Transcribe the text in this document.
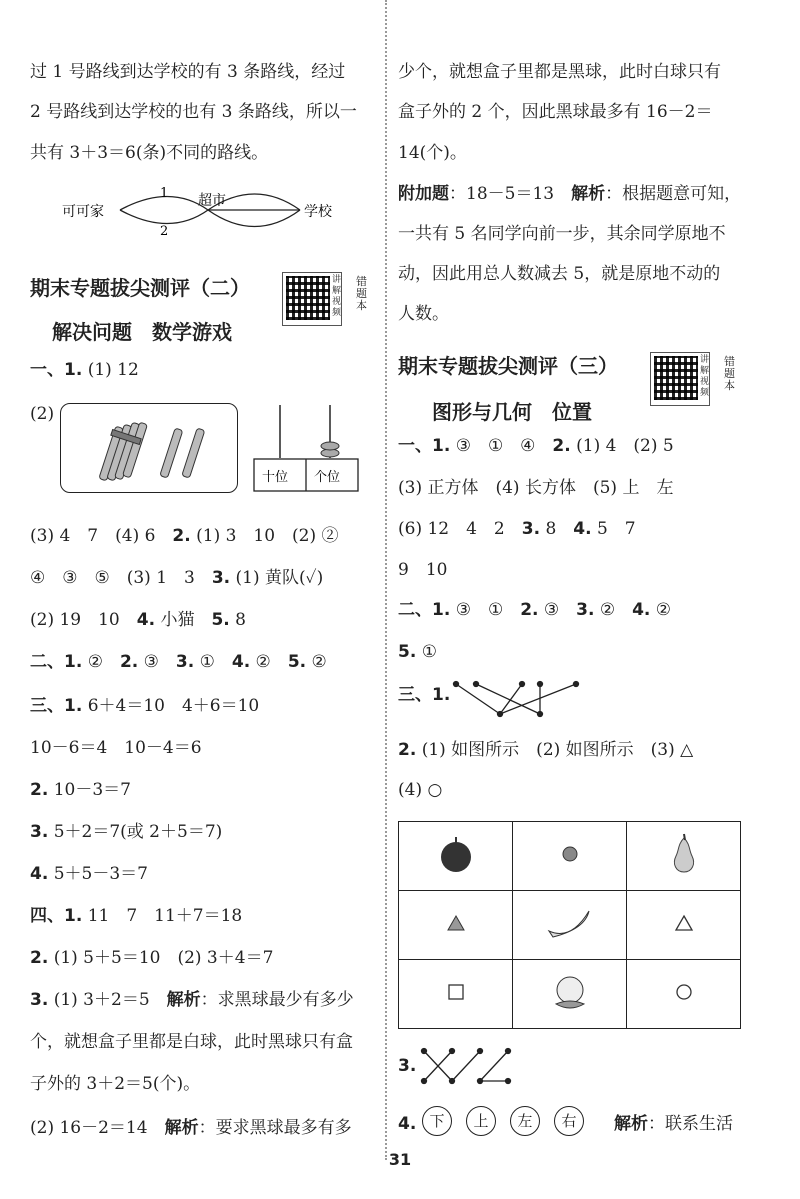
过 1 号路线到达学校的有 3 条路线，经过
2 号路线到达学校的也有 3 条路线，所以一
共有 3＋3＝6(条)不同的路线。
可可家
超市
学校
1
2
期末专题拔尖测评（二）	讲解视频
错题本
解决问题　数学游戏
一、1. (1) 12
(2)
十位 个位
(3) 4　7　(4) 6　2. (1) 3　10　(2) ②
④　③　⑤　(3) 1　3　3. (1) 黄队(✓)
(2) 19　10　4. 小猫　5. 8
二、1. ②　2. ③　3. ①　4. ②　5. ②
三、1. 6＋4＝10　4＋6＝10
10－6＝4　10－4＝6
2. 10－3＝7
3. 5＋2＝7(或 2＋5＝7)
4. 5＋5－3＝7
四、1. 11　7　11＋7＝18
2. (1) 5＋5＝10　(2) 3＋4＝7
3. (1) 3＋2＝5　解析：求黑球最少有多少
个，就想盒子里都是白球，此时黑球只有盒
子外的 3＋2＝5(个)。
(2) 16－2＝14　解析：要求黑球最多有多
少个，就想盒子里都是黑球，此时白球只有
盒子外的 2 个，因此黑球最多有 16－2＝
14(个)。
附加题：18－5＝13　解析：根据题意可知，
一共有 5 名同学向前一步，其余同学原地不
动，因此用总人数减去 5，就是原地不动的
人数。
期末专题拔尖测评（三）	讲解视频
错题本
图形与几何　位置
一、1. ③　①　④　2. (1) 4　(2) 5
(3) 正方体　(4) 长方体　(5) 上　左
(6) 12　4　2　3. 8　4. 5　7
9　10
二、1. ③　①　2. ③　3. ②　4. ②
5. ①
三、1.
2. (1) 如图所示　(2) 如图所示　(3) △
(4) ○

3.
4. 下 上 左 右	解析：联系生活
31
